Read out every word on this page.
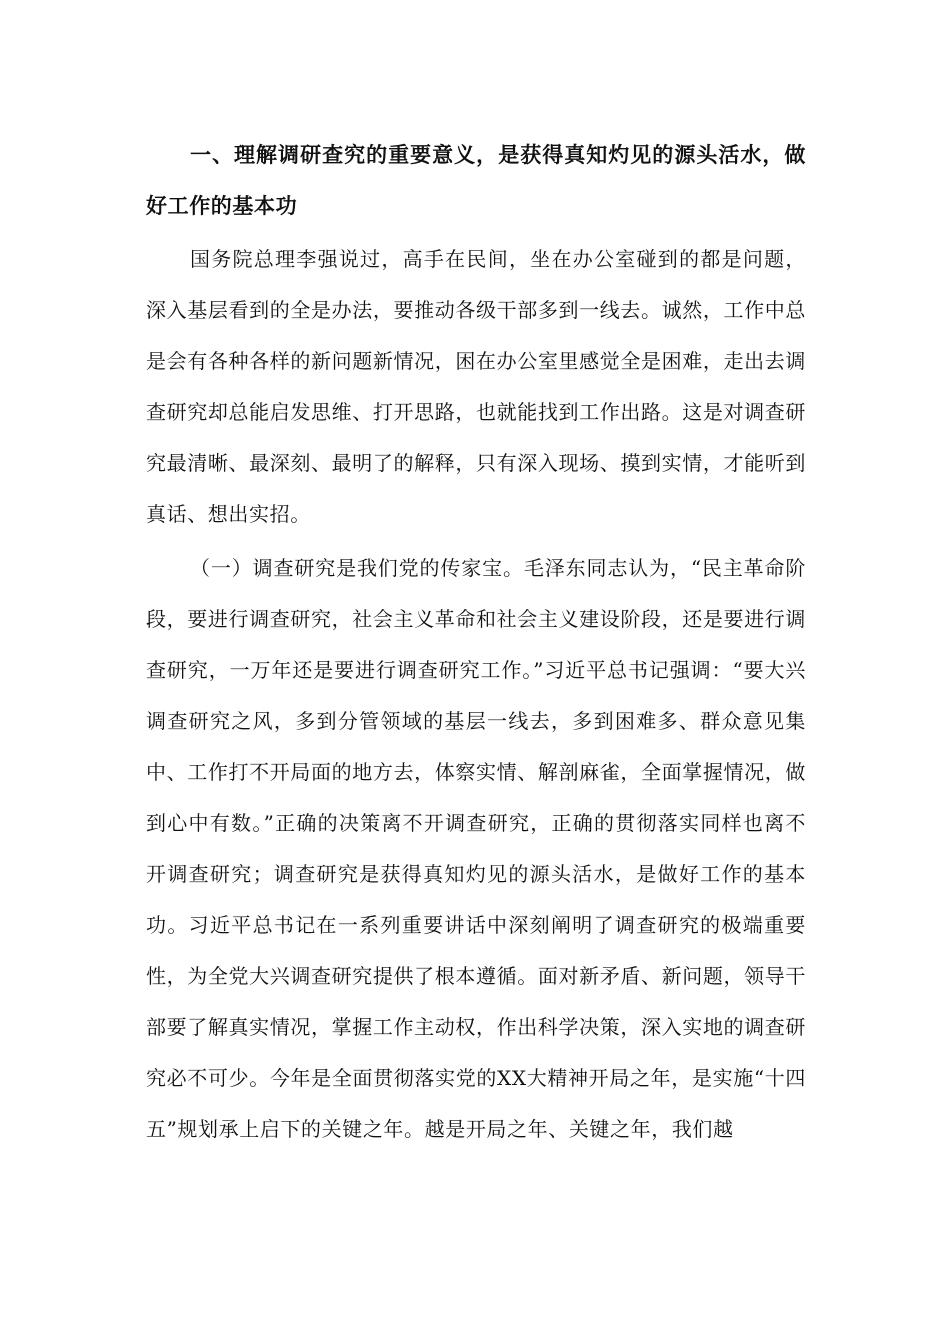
一、理解调研查究的重要意义，是获得真知灼见的源头活水，做好工作的基本功

国务院总理李强说过，高手在民间，坐在办公室碰到的都是问题，深入基层看到的全是办法，要推动各级干部多到一线去。诚然，工作中总是会有各种各样的新问题新情况，困在办公室里感觉全是困难，走出去调查研究却总能启发思维、打开思路，也就能找到工作出路。这是对调查研究最清晰、最深刻、最明了的解释，只有深入现场、摸到实情，才能听到真话、想出实招。

（一）调查研究是我们党的传家宝。毛泽东同志认为，“民主革命阶段，要进行调查研究，社会主义革命和社会主义建设阶段，还是要进行调查研究，一万年还是要进行调查研究工作。”习近平总书记强调：“要大兴调查研究之风，多到分管领域的基层一线去，多到困难多、群众意见集中、工作打不开局面的地方去，体察实情、解剖麻雀，全面掌握情况，做到心中有数。”正确的决策离不开调查研究，正确的贯彻落实同样也离不开调查研究；调查研究是获得真知灼见的源头活水，是做好工作的基本功。习近平总书记在一系列重要讲话中深刻阐明了调查研究的极端重要性，为全党大兴调查研究提供了根本遵循。面对新矛盾、新问题，领导干部要了解真实情况，掌握工作主动权，作出科学决策，深入实地的调查研究必不可少。今年是全面贯彻落实党的XX大精神开局之年，是实施“十四五”规划承上启下的关键之年。越是开局之年、关键之年，我们越
